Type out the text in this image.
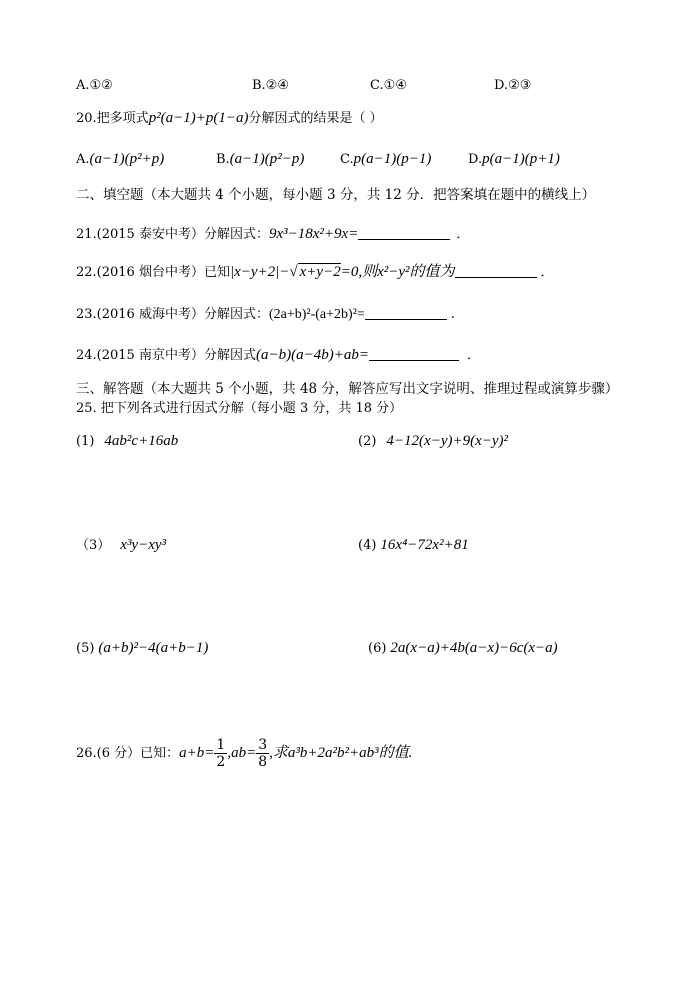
A.①②	B.②④	C.①④	D.②③
20.把多项式p²(a−1)+p(1−a)分解因式的结果是（ ）
A.(a−1)(p²+p)	B.(a−1)(p²−p)	C.p(a−1)(p−1)	D.p(a−1)(p+1)
二、填空题（本大题共 4 个小题，每小题 3 分，共 12 分．把答案填在题中的横线上）
21.(2015 泰安中考）分解因式：9x³−18x²+9x=	．
22.(2016 烟台中考）已知|x−y+2|−√ x+y−2=0,则x²−y²的值为	．
23.(2016 威海中考）分解因式：(2a+b)²-(a+2b)²=	.
24.(2015 南京中考）分解因式(a−b)(a−4b)+ab=	．
三、解答题（本大题共 5 个小题，共 48 分，解答应写出文字说明、推理过程或演算步骤）
25. 把下列各式进行因式分解（每小题 3 分，共 18 分）
(1) 4ab²c+16ab	(2) 4−12(x−y)+9(x−y)²
（3） x³y−xy³	(4) 16x⁴−72x²+81
(5) (a+b)²−4(a+b−1)	(6) 2a(x−a)+4b(a−x)−6c(x−a)
26.(6 分）已知：$a+b= \frac{1}{2} ,ab= \frac{3}{8}$ ,求a³b+2a²b²+ab³的值.
